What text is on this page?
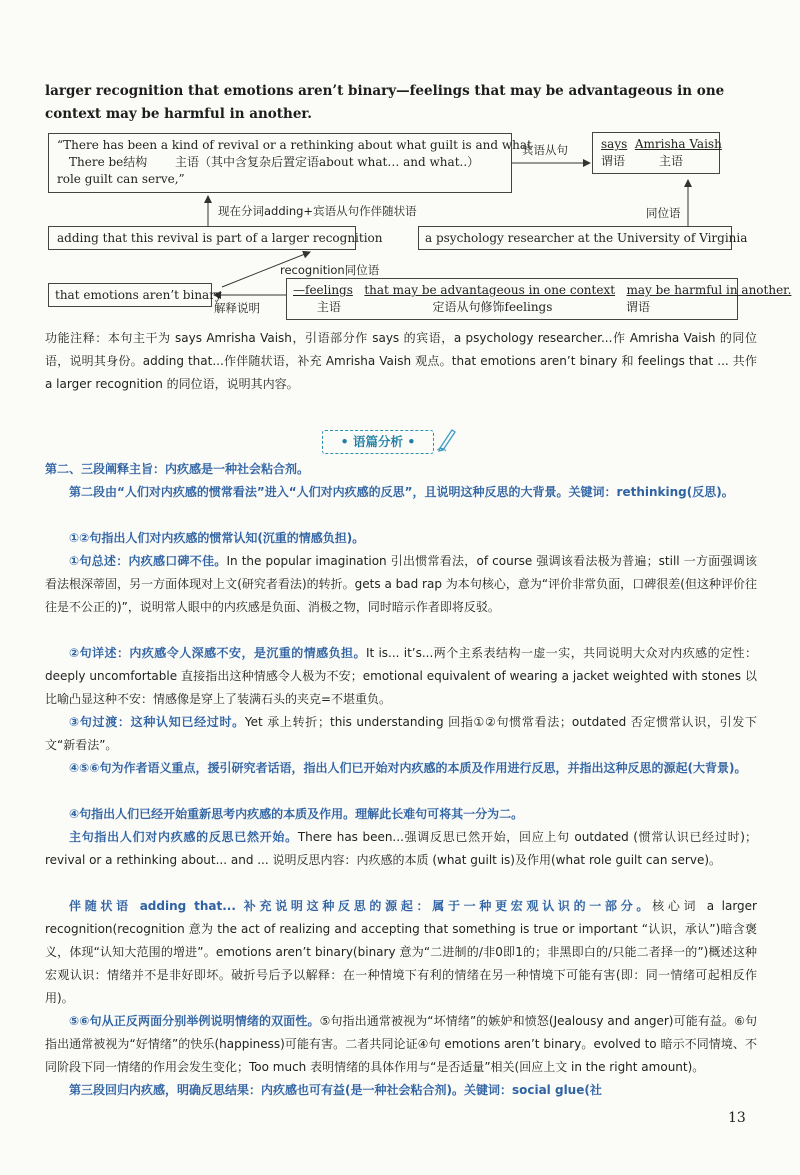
larger recognition that emotions aren’t binary—feelings that may be advantageous in one context may be harmful in another.
“There has been a kind of revival or a rethinking about what guilt is and what
There be结构 主语（其中含复杂后置定语about what… and what..）
role guilt can serve,”
宾语从句	says Amrisha Vaish
谓语	主语
现在分词adding+宾语从句作伴随状语	同位语
adding that this revival is part of a larger recognition	a psychology researcher at the University of Virginia
recognition同位语
that emotions aren’t binary
解释说明
—feelings that may be advantageous in one context may be harmful in another.
主语	定语从句修饰feelings	谓语
功能注释：本句主干为 says Amrisha Vaish，引语部分作 says 的宾语，a psychology researcher...作 Amrisha Vaish 的同位语，说明其身份。adding that...作伴随状语，补充 Amrisha Vaish 观点。that emotions aren’t binary 和 feelings that ... 共作 a larger recognition 的同位语，说明其内容。
• 语篇分析 •
第二、三段阐释主旨：内疚感是一种社会粘合剂。
第二段由“人们对内疚感的惯常看法”进入“人们对内疚感的反思”，且说明这种反思的大背景。关键词：rethinking(反思)。
①②句指出人们对内疚感的惯常认知(沉重的情感负担)。
①句总述：内疚感口碑不佳。In the popular imagination 引出惯常看法，of course 强调该看法极为普遍；still 一方面强调该看法根深蒂固，另一方面体现对上文(研究者看法)的转折。gets a bad rap 为本句核心，意为“评价非常负面，口碑很差(但这种评价往往是不公正的)”，说明常人眼中的内疚感是负面、消极之物，同时暗示作者即将反驳。
②句详述：内疚感令人深感不安，是沉重的情感负担。It is... it’s...两个主系表结构一虚一实，共同说明大众对内疚感的定性：deeply uncomfortable 直接指出这种情感令人极为不安；emotional equivalent of wearing a jacket weighted with stones 以比喻凸显这种不安：情感像是穿上了装满石头的夹克=不堪重负。
③句过渡：这种认知已经过时。Yet 承上转折；this understanding 回指①②句惯常看法；outdated 否定惯常认识，引发下文“新看法”。
④⑤⑥句为作者语义重点，援引研究者话语，指出人们已开始对内疚感的本质及作用进行反思，并指出这种反思的源起(大背景)。
④句指出人们已经开始重新思考内疚感的本质及作用。理解此长难句可将其一分为二。
主句指出人们对内疚感的反思已然开始。There has been...强调反思已然开始，回应上句 outdated (惯常认识已经过时)；revival or a rethinking about... and ... 说明反思内容：内疚感的本质 (what guilt is)及作用(what role guilt can serve)。
伴随状语 adding that... 补充说明这种反思的源起：属于一种更宏观认识的一部分。核心词 a larger recognition(recognition 意为 the act of realizing and accepting that something is true or important “认识，承认”)暗含褒义，体现“认知大范围的增进”。emotions aren’t binary(binary 意为“二进制的/非0即1的；非黑即白的/只能二者择一的”)概述这种宏观认识：情绪并不是非好即坏。破折号后予以解释：在一种情境下有利的情绪在另一种情境下可能有害(即：同一情绪可起相反作用)。
⑤⑥句从正反两面分别举例说明情绪的双面性。⑤句指出通常被视为“坏情绪”的嫉妒和愤怒(Jealousy and anger)可能有益。⑥句指出通常被视为“好情绪”的快乐(happiness)可能有害。二者共同论证④句 emotions aren’t binary。evolved to 暗示不同情境、不同阶段下同一情绪的作用会发生变化；Too much 表明情绪的具体作用与“是否适量”相关(回应上文 in the right amount)。
第三段回归内疚感，明确反思结果：内疚感也可有益(是一种社会粘合剂)。关键词：social glue(社
13
